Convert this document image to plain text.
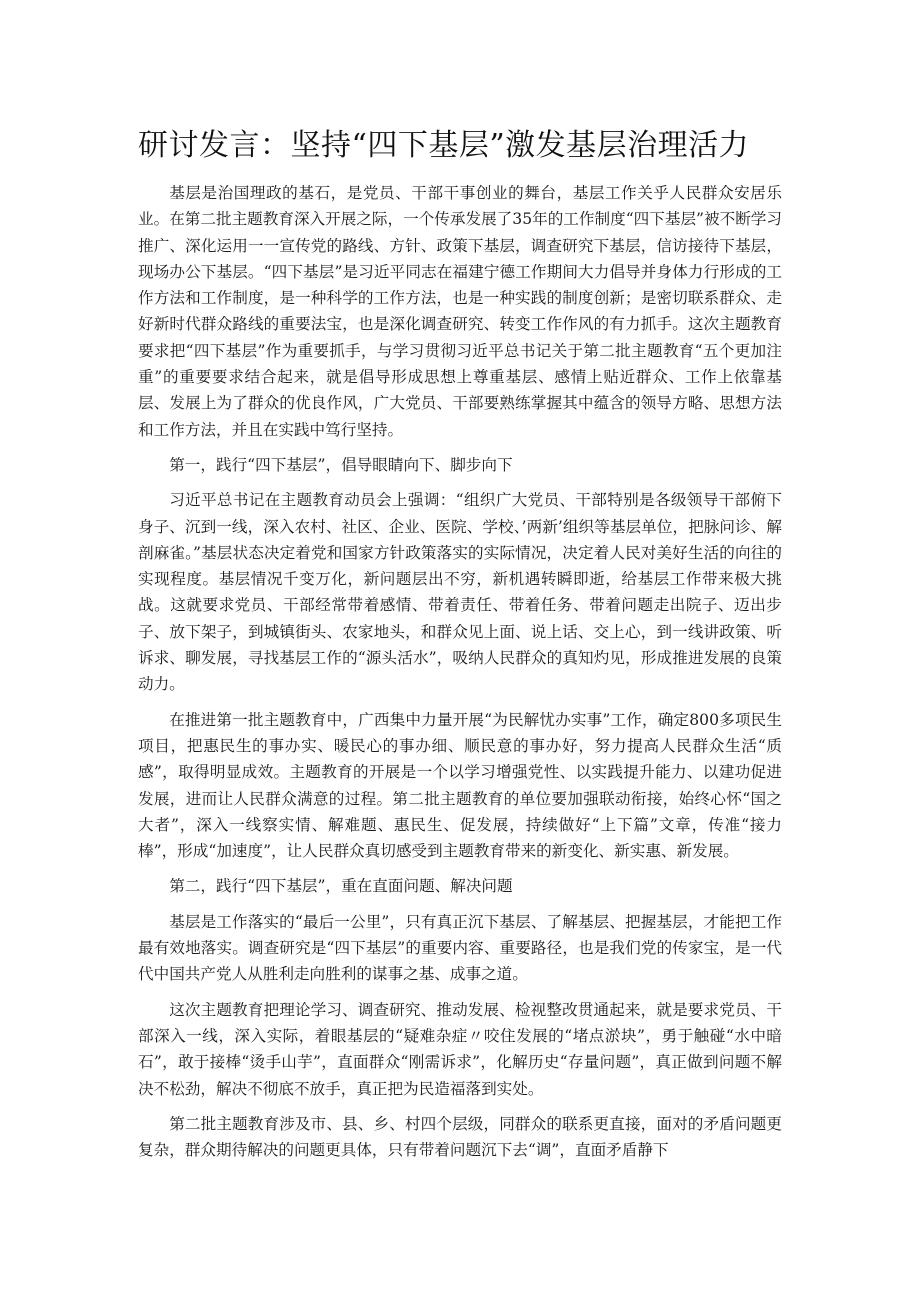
研讨发言：坚持“四下基层”激发基层治理活力

基层是治国理政的基石，是党员、干部干事创业的舞台，基层工作关乎人民群众安居乐业。在第二批主题教育深入开展之际，一个传承发展了35年的工作制度“四下基层”被不断学习推广、深化运用一一宣传党的路线、方针、政策下基层，调查研究下基层，信访接待下基层，现场办公下基层。“四下基层”是习近平同志在福建宁德工作期间大力倡导并身体力行形成的工作方法和工作制度，是一种科学的工作方法，也是一种实践的制度创新；是密切联系群众、走好新时代群众路线的重要法宝，也是深化调查研究、转变工作作风的有力抓手。这次主题教育要求把“四下基层”作为重要抓手，与学习贯彻习近平总书记关于第二批主题教育“五个更加注重”的重要要求结合起来，就是倡导形成思想上尊重基层、感情上贴近群众、工作上依靠基层、发展上为了群众的优良作风，广大党员、干部要熟练掌握其中蕴含的领导方略、思想方法和工作方法，并且在实践中笃行坚持。

第一，践行“四下基层”，倡导眼睛向下、脚步向下

习近平总书记在主题教育动员会上强调：“组织广大党员、干部特别是各级领导干部俯下身子、沉到一线，深入农村、社区、企业、医院、学校、’两新’组织等基层单位，把脉问诊、解剖麻雀。”基层状态决定着党和国家方针政策落实的实际情况，决定着人民对美好生活的向往的实现程度。基层情况千变万化，新问题层出不穷，新机遇转瞬即逝，给基层工作带来极大挑战。这就要求党员、干部经常带着感情、带着责任、带着任务、带着问题走出院子、迈出步子、放下架子，到城镇街头、农家地头，和群众见上面、说上话、交上心，到一线讲政策、听诉求、聊发展，寻找基层工作的“源头活水”，吸纳人民群众的真知灼见，形成推进发展的良策动力。

在推进第一批主题教育中，广西集中力量开展“为民解忧办实事”工作，确定800多项民生项目，把惠民生的事办实、暖民心的事办细、顺民意的事办好，努力提高人民群众生活“质感”，取得明显成效。主题教育的开展是一个以学习增强党性、以实践提升能力、以建功促进发展，进而让人民群众满意的过程。第二批主题教育的单位要加强联动衔接，始终心怀“国之大者”，深入一线察实情、解难题、惠民生、促发展，持续做好“上下篇”文章，传准“接力棒”，形成“加速度”，让人民群众真切感受到主题教育带来的新变化、新实惠、新发展。

第二，践行“四下基层”，重在直面问题、解决问题

基层是工作落实的“最后一公里”，只有真正沉下基层、了解基层、把握基层，才能把工作最有效地落实。调查研究是“四下基层”的重要内容、重要路径，也是我们党的传家宝，是一代代中国共产党人从胜利走向胜利的谋事之基、成事之道。

这次主题教育把理论学习、调查研究、推动发展、检视整改贯通起来，就是要求党员、干部深入一线，深入实际，着眼基层的“疑难杂症〃咬住发展的“堵点淤块”，勇于触碰“水中暗石”，敢于接棒“烫手山芋”，直面群众“刚需诉求”，化解历史“存量问题”，真正做到问题不解决不松劲，解决不彻底不放手，真正把为民造福落到实处。

第二批主题教育涉及市、县、乡、村四个层级，同群众的联系更直接，面对的矛盾问题更复杂，群众期待解决的问题更具体，只有带着问题沉下去“调”，直面矛盾静下
